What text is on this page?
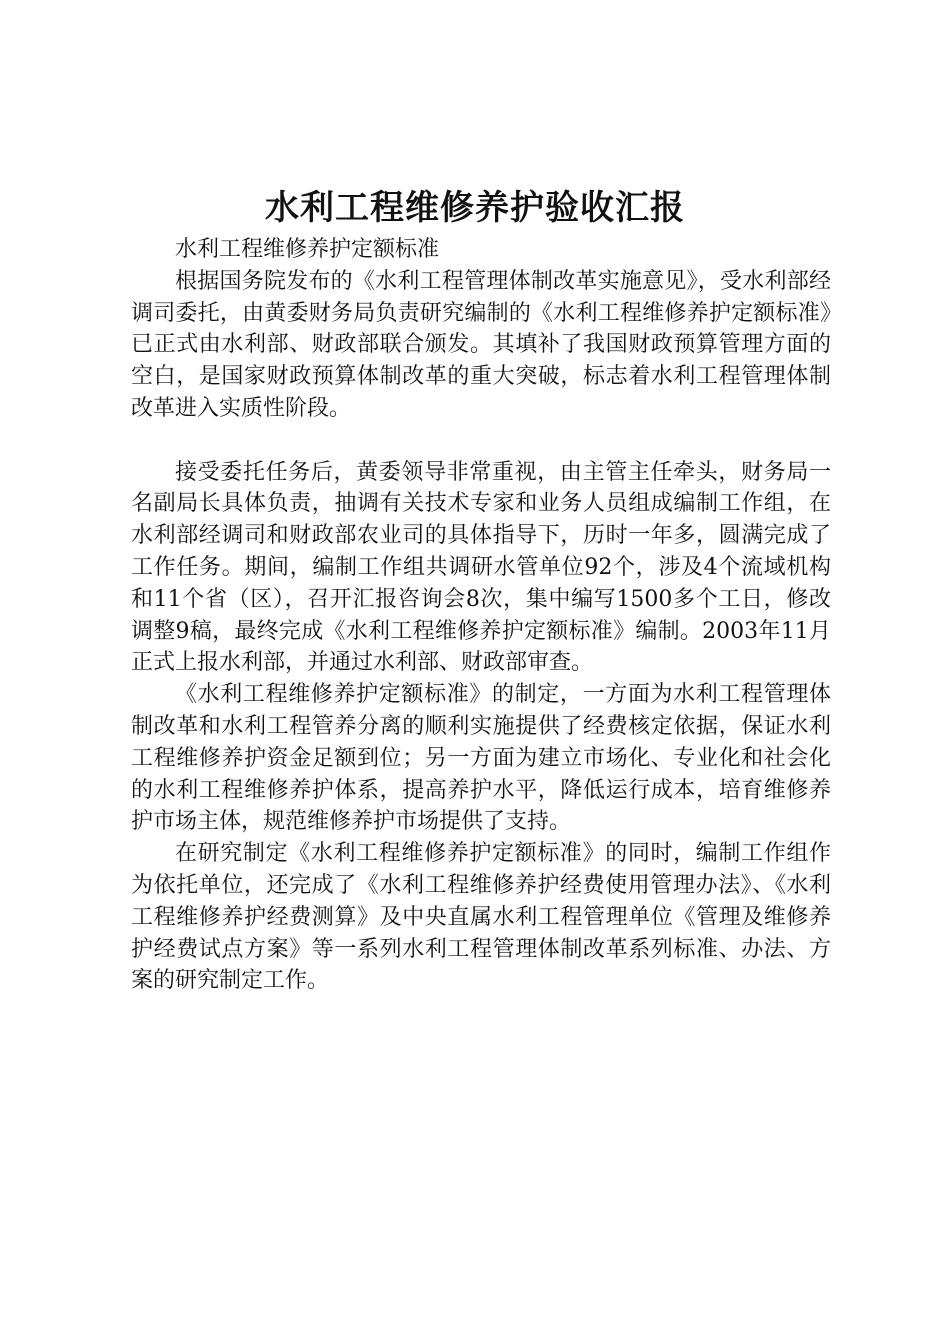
水利工程维修养护验收汇报

水利工程维修养护定额标准

根据国务院发布的《水利工程管理体制改革实施意见》，受水利部经调司委托，由黄委财务局负责研究编制的《水利工程维修养护定额标准》已正式由水利部、财政部联合颁发。其填补了我国财政预算管理方面的空白，是国家财政预算体制改革的重大突破，标志着水利工程管理体制改革进入实质性阶段。

接受委托任务后，黄委领导非常重视，由主管主任牵头，财务局一名副局长具体负责，抽调有关技术专家和业务人员组成编制工作组，在水利部经调司和财政部农业司的具体指导下，历时一年多，圆满完成了工作任务。期间，编制工作组共调研水管单位92个，涉及4个流域机构和11个省（区），召开汇报咨询会8次，集中编写1500多个工日，修改调整9稿，最终完成《水利工程维修养护定额标准》编制。2003年11月正式上报水利部，并通过水利部、财政部审查。

《水利工程维修养护定额标准》的制定，一方面为水利工程管理体制改革和水利工程管养分离的顺利实施提供了经费核定依据，保证水利工程维修养护资金足额到位；另一方面为建立市场化、专业化和社会化的水利工程维修养护体系，提高养护水平，降低运行成本，培育维修养护市场主体，规范维修养护市场提供了支持。

在研究制定《水利工程维修养护定额标准》的同时，编制工作组作为依托单位，还完成了《水利工程维修养护经费使用管理办法》、《水利工程维修养护经费测算》及中央直属水利工程管理单位《管理及维修养护经费试点方案》等一系列水利工程管理体制改革系列标准、办法、方案的研究制定工作。
